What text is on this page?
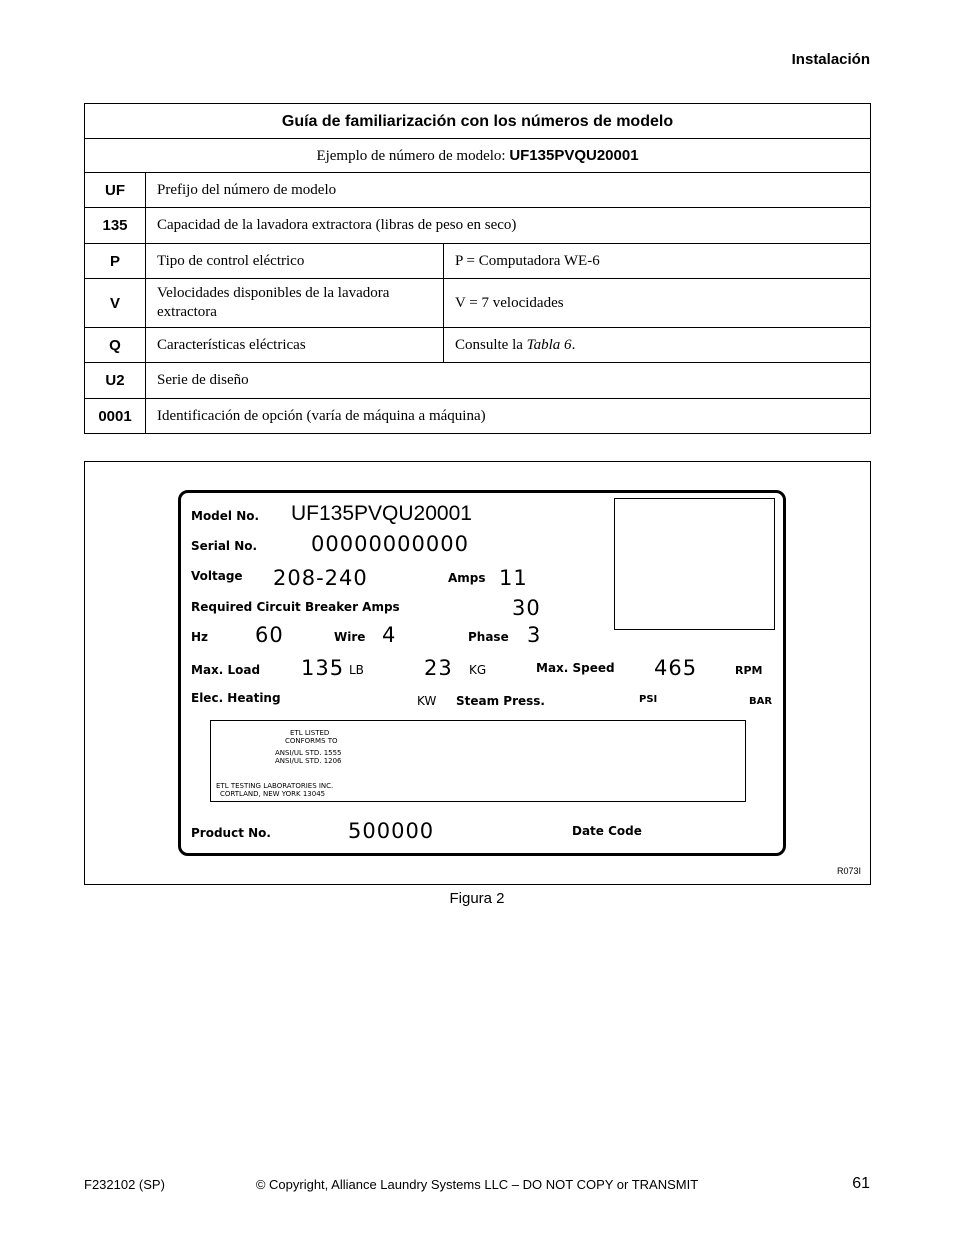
Instalación
Guía de familiarización con los números de modelo		
Ejemplo de número de modelo: UF135PVQU20001		
UF	Prefijo del número de modelo	
135	Capacidad de la lavadora extractora (libras de peso en seco)	
P	Tipo de control eléctrico	P = Computadora WE-6
V	Velocidades disponibles de la lavadora extractora	V = 7 velocidades
Q	Características eléctricas	Consulte la Tabla 6.
U2	Serie de diseño	
0001	Identificación de opción (varía de máquina a máquina)	
R073I
Model No. UF135PVQU20001
Serial No.	00000000000
Voltage 208-240	Amps 11
Required Circuit Breaker Amps	30
Hz 60	Wire 4	Phase 3
Max. Load 135 LB	23 KG	Max. Speed 465	RPM
Elec. Heating	KW Steam Press.	PSI	BAR
ETL LISTED
CONFORMS TO
ANSI/UL STD. 1555
ANSI/UL STD. 1206
ETL TESTING LABORATORIES INC.
CORTLAND, NEW YORK 13045
Product No.	500000	Date Code
Figura 2
F232102 (SP)	© Copyright, Alliance Laundry Systems LLC – DO NOT COPY or TRANSMIT	61
